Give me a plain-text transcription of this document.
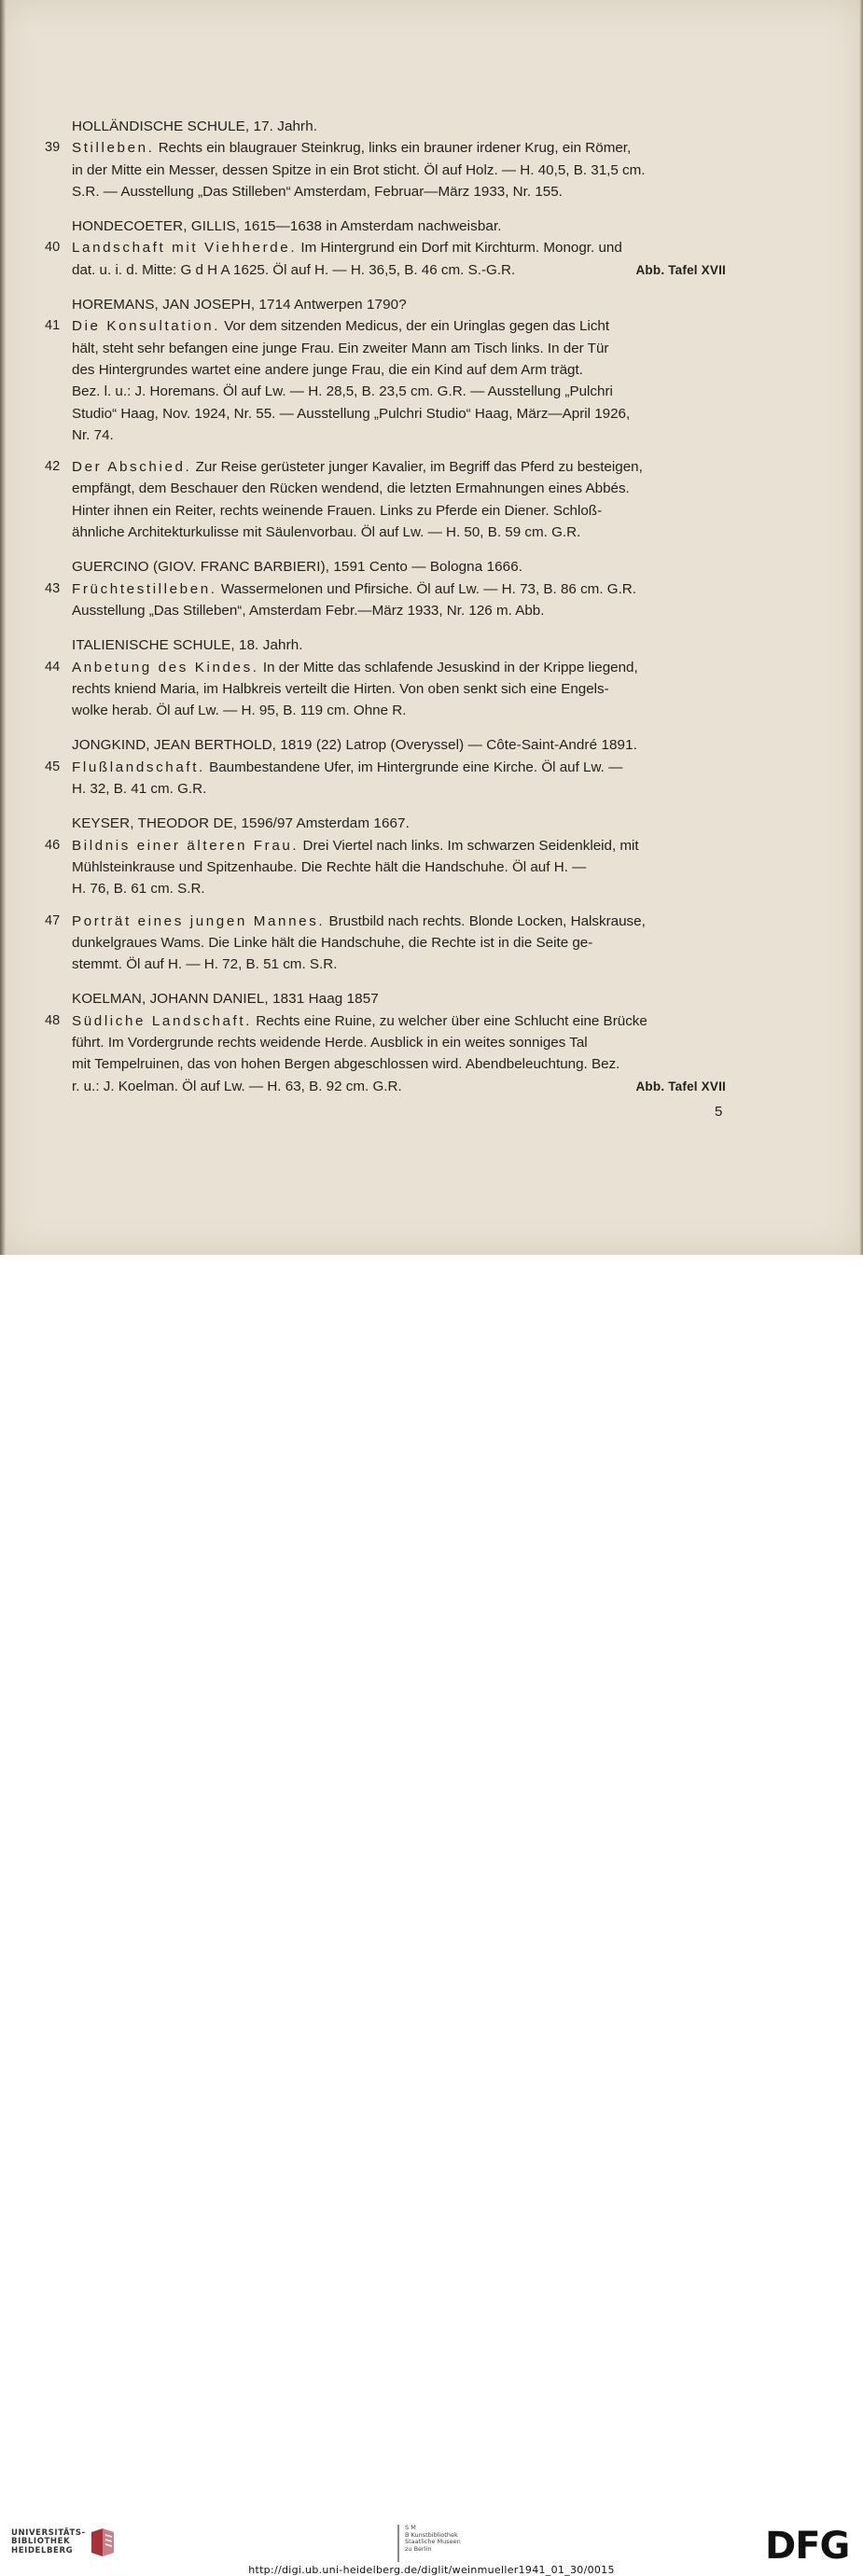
HOLLÄNDISCHE SCHULE, 17. Jahrh.
39 Stilleben. Rechts ein blaugrauer Steinkrug, links ein brauner irdener Krug, ein Römer,
in der Mitte ein Messer, dessen Spitze in ein Brot sticht. Öl auf Holz. — H. 40,5, B. 31,5 cm.
S.R. — Ausstellung „Das Stilleben“ Amsterdam, Februar—März 1933, Nr. 155.
HONDECOETER, GILLIS, 1615—1638 in Amsterdam nachweisbar.
40 Landschaft mit Viehherde. Im Hintergrund ein Dorf mit Kirchturm. Monogr. und
dat. u. i. d. Mitte: G d H A 1625. Öl auf H. — H. 36,5, B. 46 cm. S.-G.R.	Abb. Tafel XVII
HOREMANS, JAN JOSEPH, 1714 Antwerpen 1790?
41 Die Konsultation. Vor dem sitzenden Medicus, der ein Uringlas gegen das Licht
hält, steht sehr befangen eine junge Frau. Ein zweiter Mann am Tisch links. In der Tür
des Hintergrundes wartet eine andere junge Frau, die ein Kind auf dem Arm trägt.
Bez. l. u.: J. Horemans. Öl auf Lw. — H. 28,5, B. 23,5 cm. G.R. — Ausstellung „Pulchri
Studio“ Haag, Nov. 1924, Nr. 55. — Ausstellung „Pulchri Studio“ Haag, März—April 1926,
Nr. 74.
42 Der Abschied. Zur Reise gerüsteter junger Kavalier, im Begriff das Pferd zu besteigen,
empfängt, dem Beschauer den Rücken wendend, die letzten Ermahnungen eines Abbés.
Hinter ihnen ein Reiter, rechts weinende Frauen. Links zu Pferde ein Diener. Schloß-
ähnliche Architekturkulisse mit Säulenvorbau. Öl auf Lw. — H. 50, B. 59 cm. G.R.
GUERCINO (GIOV. FRANC BARBIERI), 1591 Cento — Bologna 1666.
43 Früchtestilleben. Wassermelonen und Pfirsiche. Öl auf Lw. — H. 73, B. 86 cm. G.R.
Ausstellung „Das Stilleben“, Amsterdam Febr.—März 1933, Nr. 126 m. Abb.
ITALIENISCHE SCHULE, 18. Jahrh.
44 Anbetung des Kindes. In der Mitte das schlafende Jesuskind in der Krippe liegend,
rechts kniend Maria, im Halbkreis verteilt die Hirten. Von oben senkt sich eine Engels-
wolke herab. Öl auf Lw. — H. 95, B. 119 cm. Ohne R.
JONGKIND, JEAN BERTHOLD, 1819 (22) Latrop (Overyssel) — Côte-Saint-André 1891.
45 Flußlandschaft. Baumbestandene Ufer, im Hintergrunde eine Kirche. Öl auf Lw. —
H. 32, B. 41 cm. G.R.
KEYSER, THEODOR DE, 1596/97 Amsterdam 1667.
46 Bildnis einer älteren Frau. Drei Viertel nach links. Im schwarzen Seidenkleid, mit
Mühlsteinkrause und Spitzenhaube. Die Rechte hält die Handschuhe. Öl auf H. —
H. 76, B. 61 cm. S.R.
47 Porträt eines jungen Mannes. Brustbild nach rechts. Blonde Locken, Halskrause,
dunkelgraues Wams. Die Linke hält die Handschuhe, die Rechte ist in die Seite ge-
stemmt. Öl auf H. — H. 72, B. 51 cm. S.R.
KOELMAN, JOHANN DANIEL, 1831 Haag 1857
48 Südliche Landschaft. Rechts eine Ruine, zu welcher über eine Schlucht eine Brücke
führt. Im Vordergrunde rechts weidende Herde. Ausblick in ein weites sonniges Tal
mit Tempelruinen, das von hohen Bergen abgeschlossen wird. Abendbeleuchtung. Bez.
r. u.: J. Koelman. Öl auf Lw. — H. 63, B. 92 cm. G.R.	Abb. Tafel XVII
5
UNIVERSITÄTS-
BIBLIOTHEK
HEIDELBERG
S M
B Kunstbibliothek
Staatliche Museen
zu Berlin	DFG
http://digi.ub.uni-heidelberg.de/diglit/weinmueller1941_01_30/0015
